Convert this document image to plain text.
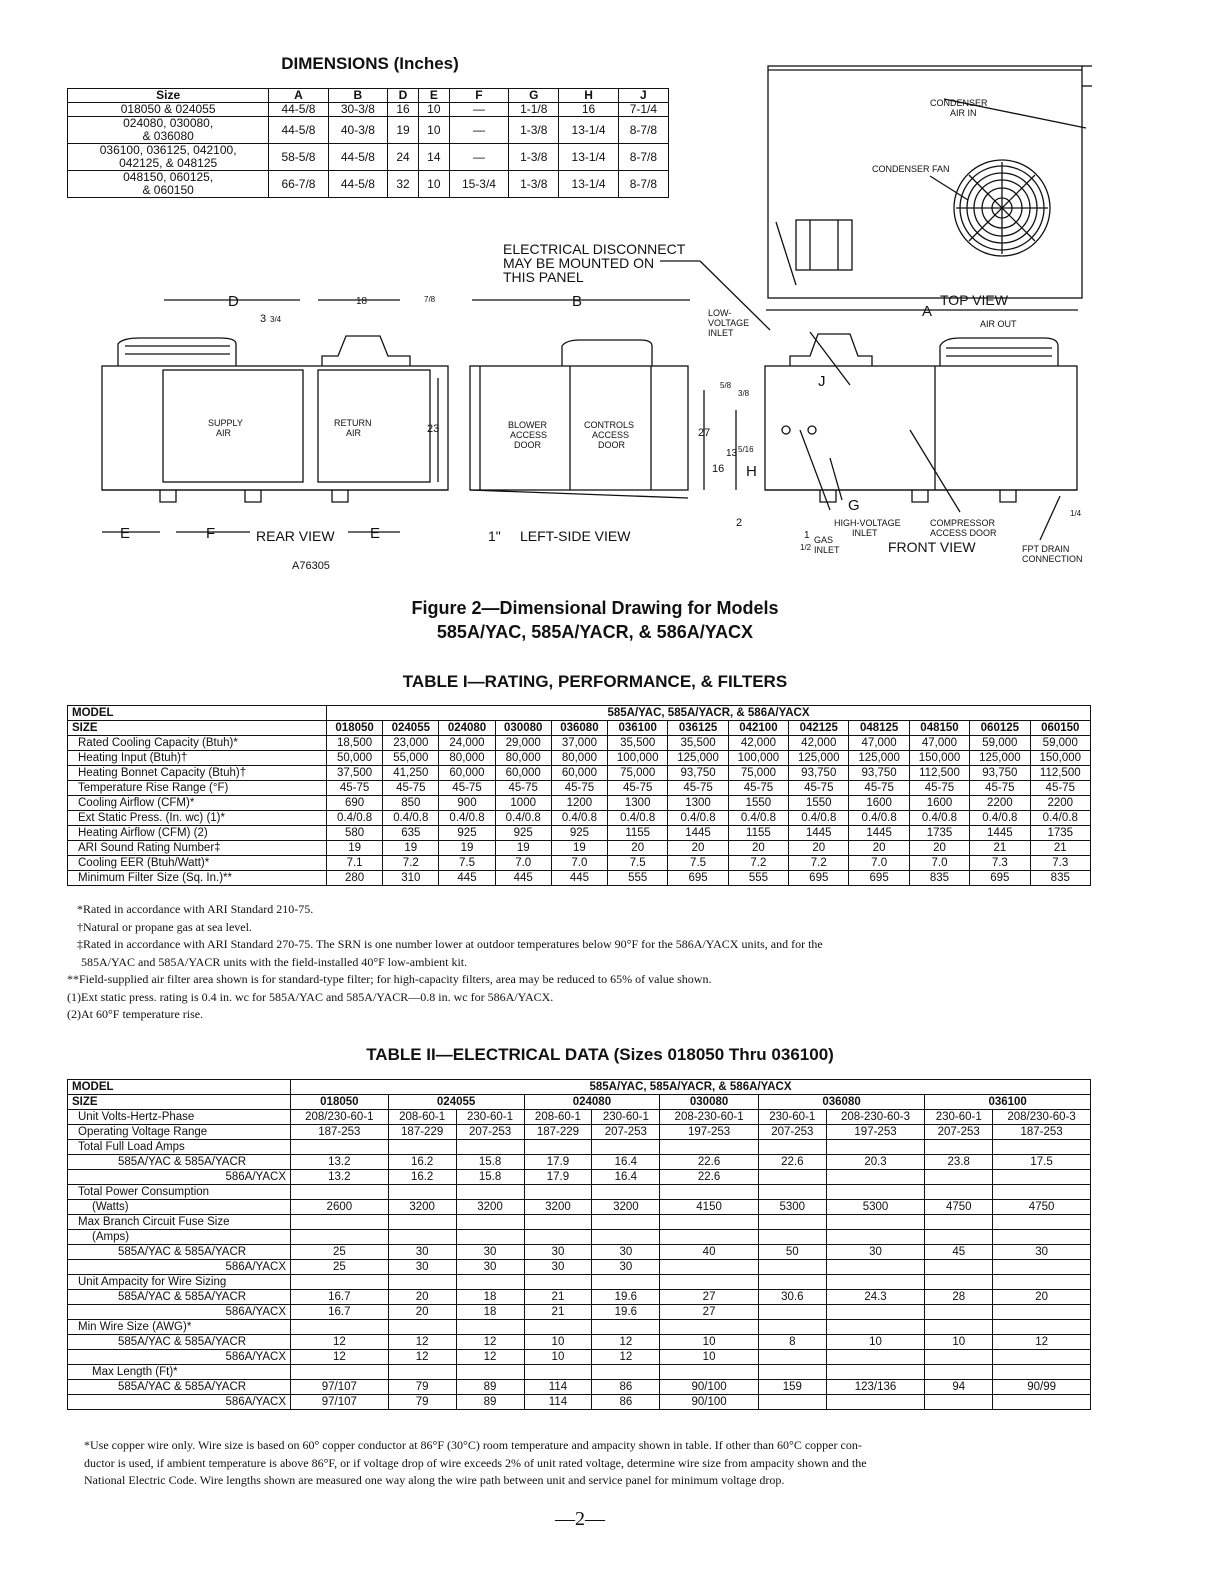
DIMENSIONS (Inches)
Size	A	B	D	E	F	G	H	J

018050 & 024055	44-5/8	30-3/8	16	10	—	1-1/8	16	7-1/4

024080, 030080,
& 036080	44-5/8	40-3/8	19	10	—	1-3/8	13-1/4	8-7/8

036100, 036125, 042100,
042125, & 048125	58-5/8	44-5/8	24	14	—	1-3/8	13-1/4	8-7/8

048150, 060125,
& 060150	66-7/8	44-5/8	32	10	15-3/4	1-3/8	13-1/4	8-7/8
ELECTRICAL DISCONNECT
MAY BE MOUNTED ON
THIS PANEL
CONDENSER
AIR IN
CONDENSER FAN
TOP VIEW
AIR OUT
A
B
D
E	E
F
G
H
J
SUPPLY
AIR
RETURN
AIR
BLOWER
ACCESS
DOOR
CONTROLS
ACCESS
DOOR
REAR VIEW	LEFT-SIDE VIEW
FRONT VIEW
LOW-
VOLTAGE
INLET
HIGH-VOLTAGE
INLET
GAS
INLET
COMPRESSOR
ACCESS DOOR
FPT DRAIN
CONNECTION
18
23	27
16
13
3
2
1
1"
3/4
7/8
1/2
5/8
3/8
5/16
1/4
A76305
Figure 2—Dimensional Drawing for Models
585A/YAC, 585A/YACR, & 586A/YACX
TABLE I—RATING, PERFORMANCE, & FILTERS
MODEL	585A/YAC, 585A/YACR, & 586A/YACX												
SIZE	018050	024055	024080	030080	036080	036100	036125	042100	042125	048125	048150	060125	060150
Rated Cooling Capacity (Btuh)*	18,500	23,000	24,000	29,000	37,000	35,500	35,500	42,000	42,000	47,000	47,000	59,000	59,000
Heating Input (Btuh)†	50,000	55,000	80,000	80,000	80,000	100,000	125,000	100,000	125,000	125,000	150,000	125,000	150,000
Heating Bonnet Capacity (Btuh)†	37,500	41,250	60,000	60,000	60,000	75,000	93,750	75,000	93,750	93,750	112,500	93,750	112,500
Temperature Rise Range (°F)	45-75	45-75	45-75	45-75	45-75	45-75	45-75	45-75	45-75	45-75	45-75	45-75	45-75
Cooling Airflow (CFM)*	690	850	900	1000	1200	1300	1300	1550	1550	1600	1600	2200	2200
Ext Static Press. (In. wc) (1)*	0.4/0.8	0.4/0.8	0.4/0.8	0.4/0.8	0.4/0.8	0.4/0.8	0.4/0.8	0.4/0.8	0.4/0.8	0.4/0.8	0.4/0.8	0.4/0.8	0.4/0.8
Heating Airflow (CFM) (2)	580	635	925	925	925	1155	1445	1155	1445	1445	1735	1445	1735
ARI Sound Rating Number‡	19	19	19	19	19	20	20	20	20	20	20	21	21
Cooling EER (Btuh/Watt)*	7.1	7.2	7.5	7.0	7.0	7.5	7.5	7.2	7.2	7.0	7.0	7.3	7.3
Minimum Filter Size (Sq. In.)**	280	310	445	445	445	555	695	555	695	695	835	695	835
*Rated in accordance with ARI Standard 210-75.
†Natural or propane gas at sea level.
‡Rated in accordance with ARI Standard 270-75. The SRN is one number lower at outdoor temperatures below 90°F for the 586A/YACX units, and for the
585A/YAC and 585A/YACR units with the field-installed 40°F low-ambient kit.
**Field-supplied air filter area shown is for standard-type filter; for high-capacity filters, area may be reduced to 65% of value shown.
(1)Ext static press. rating is 0.4 in. wc for 585A/YAC and 585A/YACR—0.8 in. wc for 586A/YACX.
(2)At 60°F temperature rise.
TABLE II—ELECTRICAL DATA (Sizes 018050 Thru 036100)
MODEL	585A/YAC, 585A/YACR, & 586A/YACX									
SIZE	018050	024055		024080		030080	036080		036100	
Unit Volts-Hertz-Phase	208/230-60-1	208-60-1	230-60-1	208-60-1	230-60-1	208-230-60-1	230-60-1	208-230-60-3	230-60-1	208/230-60-3
Operating Voltage Range	187-253	187-229	207-253	187-229	207-253	197-253	207-253	197-253	207-253	187-253
Total Full Load Amps										
585A/YAC & 585A/YACR	13.2	16.2	15.8	17.9	16.4	22.6	22.6	20.3	23.8	17.5
586A/YACX	13.2	16.2	15.8	17.9	16.4	22.6				
Total Power Consumption										
(Watts)	2600	3200	3200	3200	3200	4150	5300	5300	4750	4750
Max Branch Circuit Fuse Size										
(Amps)										
585A/YAC & 585A/YACR	25	30	30	30	30	40	50	30	45	30
586A/YACX	25	30	30	30	30					
Unit Ampacity for Wire Sizing										
585A/YAC & 585A/YACR	16.7	20	18	21	19.6	27	30.6	24.3	28	20
586A/YACX	16.7	20	18	21	19.6	27				
Min Wire Size (AWG)*										
585A/YAC & 585A/YACR	12	12	12	10	12	10	8	10	10	12
586A/YACX	12	12	12	10	12	10				
Max Length (Ft)*										
585A/YAC & 585A/YACR	97/107	79	89	114	86	90/100	159	123/136	94	90/99
586A/YACX	97/107	79	89	114	86	90/100				
*Use copper wire only. Wire size is based on 60° copper conductor at 86°F (30°C) room temperature and ampacity shown in table. If other than 60°C copper con-
ductor is used, if ambient temperature is above 86°F, or if voltage drop of wire exceeds 2% of unit rated voltage, determine wire size from ampacity shown and the
National Electric Code. Wire lengths shown are measured one way along the wire path between unit and service panel for minimum voltage drop.
—2—
